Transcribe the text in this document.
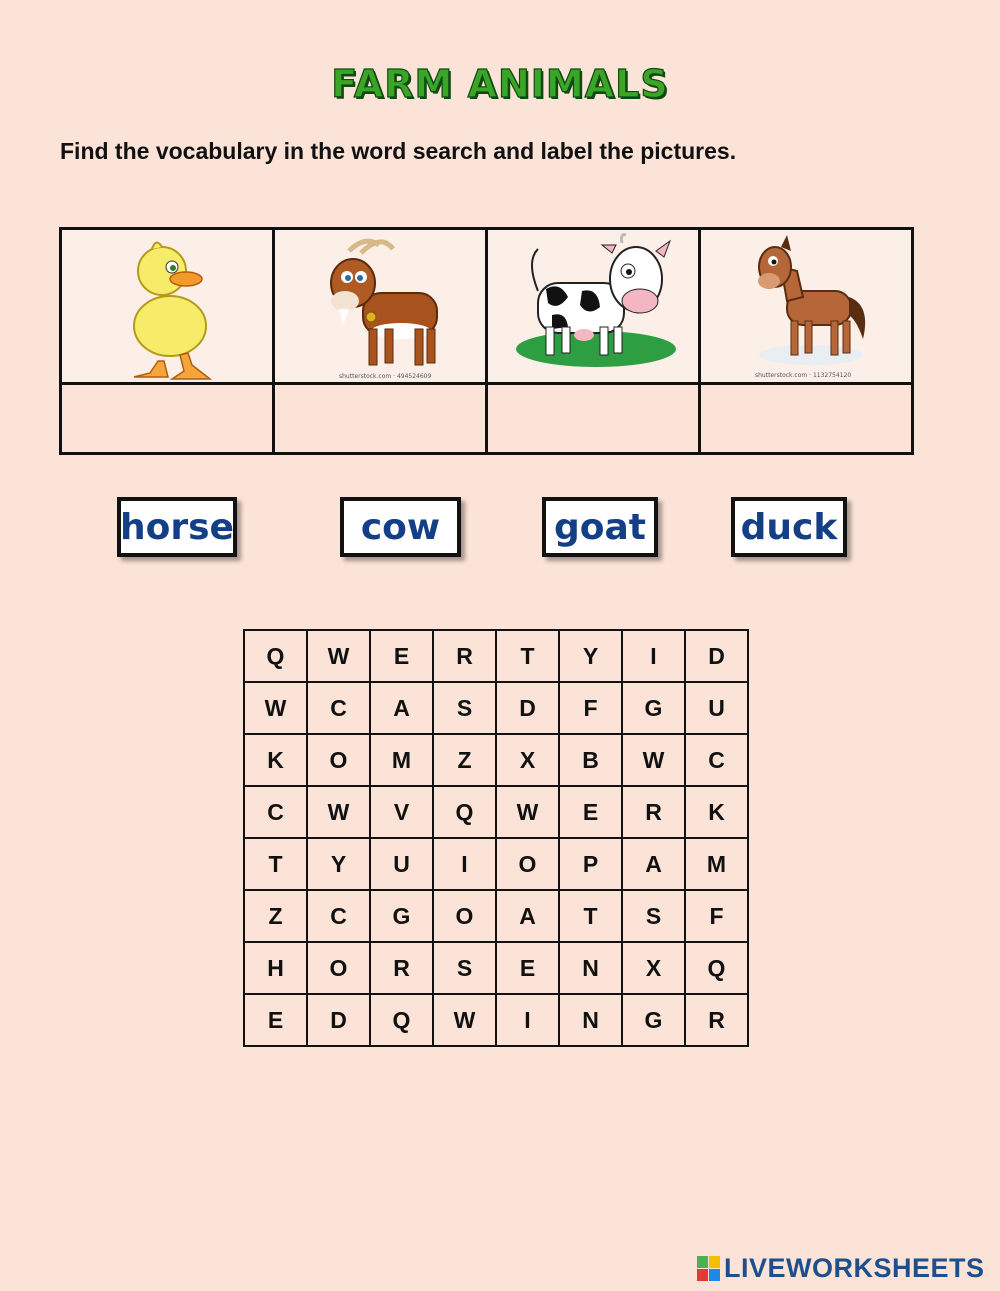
FARM ANIMALS
Find the vocabulary in the word search and label the pictures.

shutterstock.com · 494524609		shutterstock.com · 1132754120

horse	cow	goat	duck
Q	W	E	R	T	Y	I	D
W	C	A	S	D	F	G	U
K	O	M	Z	X	B	W	C
C	W	V	Q	W	E	R	K
T	Y	U	I	O	P	A	M
Z	C	G	O	A	T	S	F
H	O	R	S	E	N	X	Q
E	D	Q	W	I	N	G	R
LIVEWORKSHEETS
